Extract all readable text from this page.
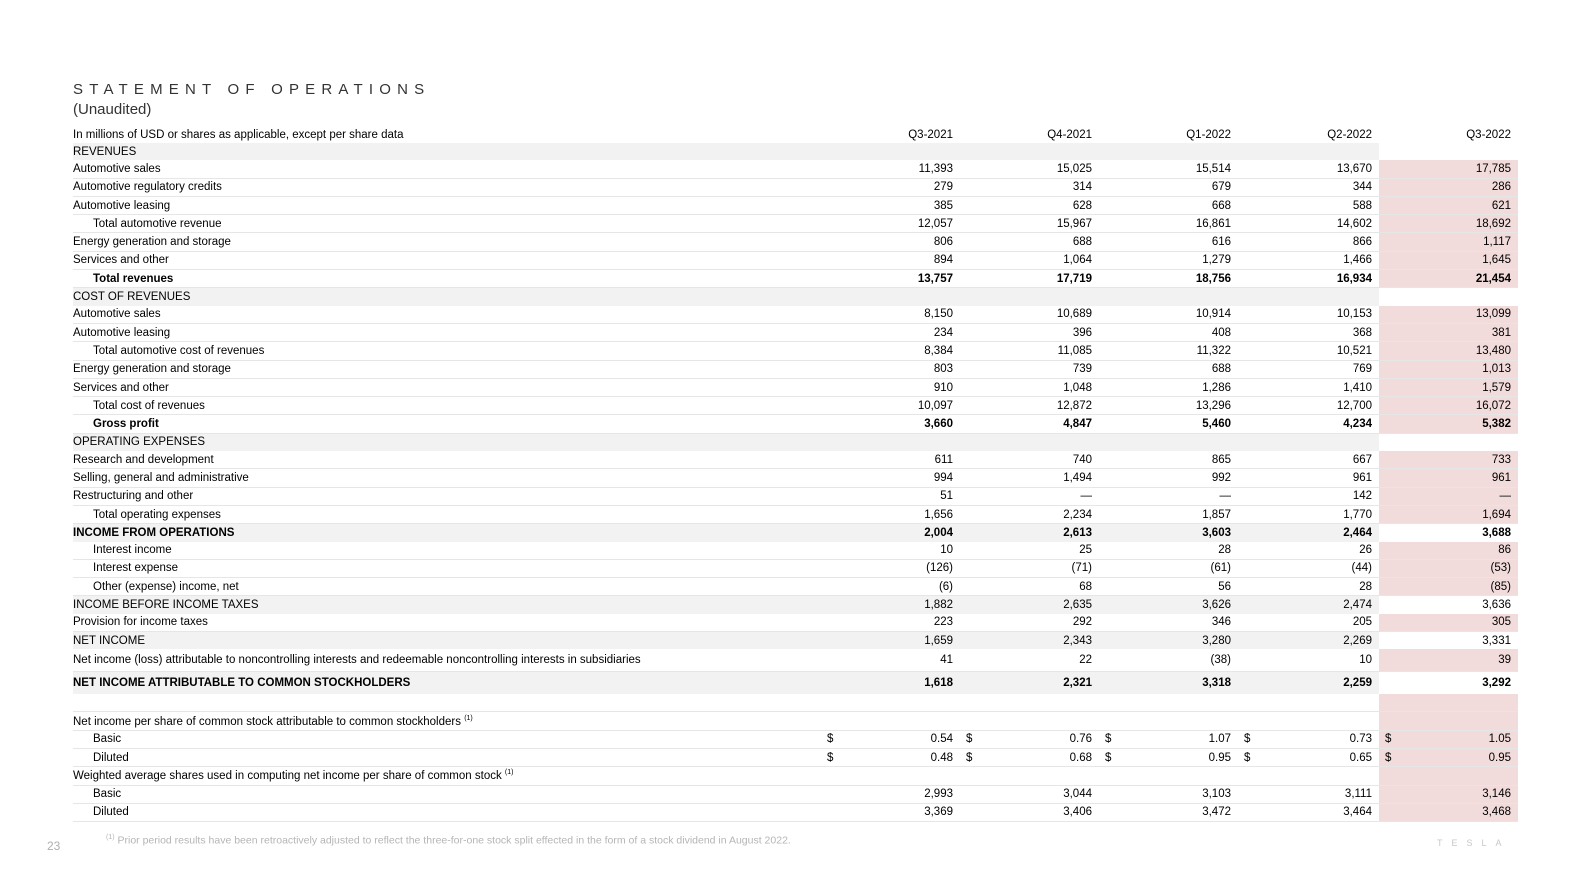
STATEMENT OF OPERATIONS
(Unaudited)
In millions of USD or shares as applicable, except per share data	Q3-2021	Q4-2021	Q1-2022	Q2-2022	Q3-2022
REVENUES					
Automotive sales	11,393	15,025	15,514	13,670	17,785
Automotive regulatory credits	279	314	679	344	286
Automotive leasing	385	628	668	588	621
Total automotive revenue	12,057	15,967	16,861	14,602	18,692
Energy generation and storage	806	688	616	866	1,117
Services and other	894	1,064	1,279	1,466	1,645
Total revenues	13,757	17,719	18,756	16,934	21,454
COST OF REVENUES					
Automotive sales	8,150	10,689	10,914	10,153	13,099
Automotive leasing	234	396	408	368	381
Total automotive cost of revenues	8,384	11,085	11,322	10,521	13,480
Energy generation and storage	803	739	688	769	1,013
Services and other	910	1,048	1,286	1,410	1,579
Total cost of revenues	10,097	12,872	13,296	12,700	16,072
Gross profit	3,660	4,847	5,460	4,234	5,382
OPERATING EXPENSES					
Research and development	611	740	865	667	733
Selling, general and administrative	994	1,494	992	961	961
Restructuring and other	51	—	—	142	—
Total operating expenses	1,656	2,234	1,857	1,770	1,694
INCOME FROM OPERATIONS	2,004	2,613	3,603	2,464	3,688
Interest income	10	25	28	26	86
Interest expense	(126)	(71)	(61)	(44)	(53)
Other (expense) income, net	(6)	68	56	28	(85)
INCOME BEFORE INCOME TAXES	1,882	2,635	3,626	2,474	3,636
Provision for income taxes	223	292	346	205	305
NET INCOME	1,659	2,343	3,280	2,269	3,331
Net income (loss) attributable to noncontrolling interests and redeemable noncontrolling interests in subsidiaries	41	22	(38)	10	39
NET INCOME ATTRIBUTABLE TO COMMON STOCKHOLDERS	1,618	2,321	3,318	2,259	3,292

Net income per share of common stock attributable to common stockholders $^{(1)}$					
Basic	$ 0.54	$ 0.76	$ 1.07	$ 0.73	$ 1.05
Diluted	$ 0.48	$ 0.68	$ 0.95	$ 0.65	$ 0.95
Weighted average shares used in computing net income per share of common stock $^{(1)}$					
Basic	2,993	3,044	3,103	3,111	3,146
Diluted	3,369	3,406	3,472	3,464	3,468
23
$^{(1)}$ Prior period results have been retroactively adjusted to reflect the three-for-one stock split effected in the form of a stock dividend in August 2022.	TESLA
